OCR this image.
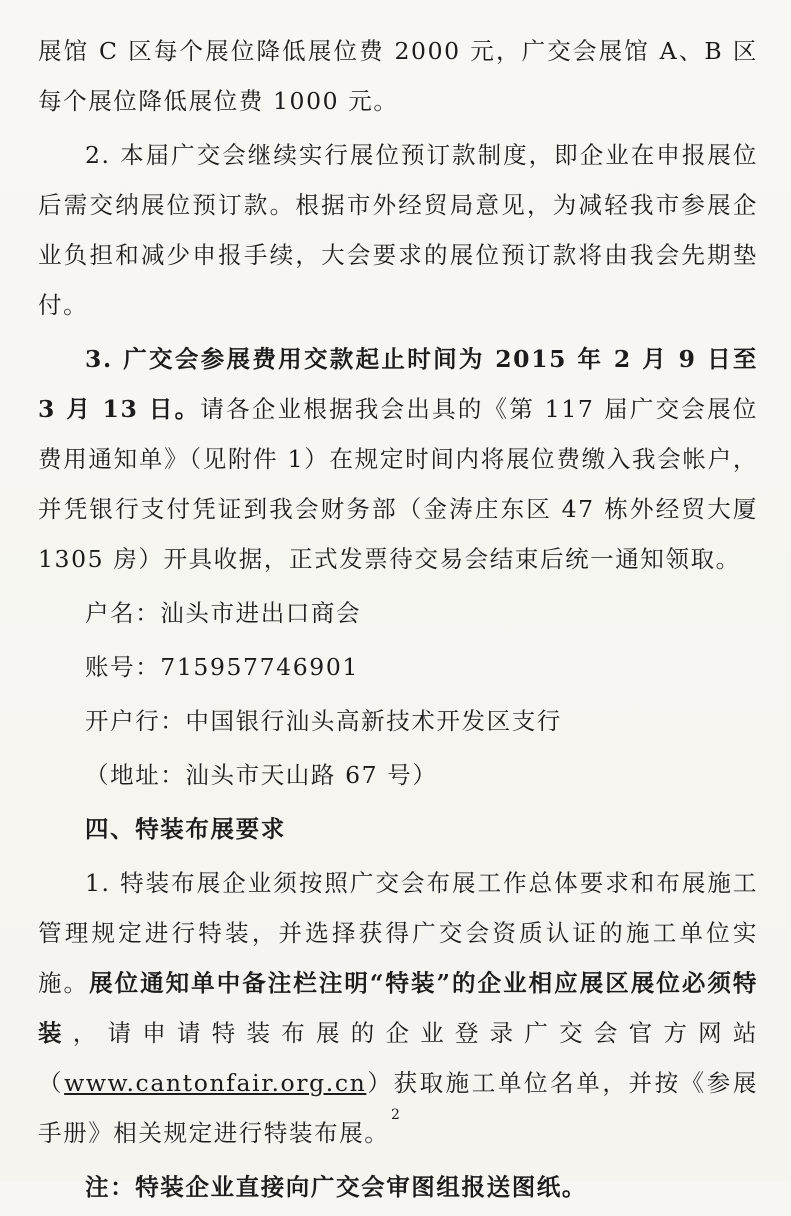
展馆 C 区每个展位降低展位费 2000 元，广交会展馆 A、B 区每个展位降低展位费 1000 元。

2. 本届广交会继续实行展位预订款制度，即企业在申报展位后需交纳展位预订款。根据市外经贸局意见，为减轻我市参展企业负担和减少申报手续，大会要求的展位预订款将由我会先期垫付。

3. 广交会参展费用交款起止时间为 2015 年 2 月 9 日至 3 月 13 日。请各企业根据我会出具的《第 117 届广交会展位费用通知单》（见附件 1）在规定时间内将展位费缴入我会帐户，并凭银行支付凭证到我会财务部（金涛庄东区 47 栋外经贸大厦 1305 房）开具收据，正式发票待交易会结束后统一通知领取。

户名：汕头市进出口商会

账号：715957746901

开户行：中国银行汕头高新技术开发区支行

（地址：汕头市天山路 67 号）

四、特装布展要求

1. 特装布展企业须按照广交会布展工作总体要求和布展施工管理规定进行特装，并选择获得广交会资质认证的施工单位实施。展位通知单中备注栏注明“特装”的企业相应展区展位必须特装，请申请特装布展的企业登录广交会官方网站（www.cantonfair.org.cn）获取施工单位名单，并按《参展手册》相关规定进行特装布展。

注：特装企业直接向广交会审图组报送图纸。

2
